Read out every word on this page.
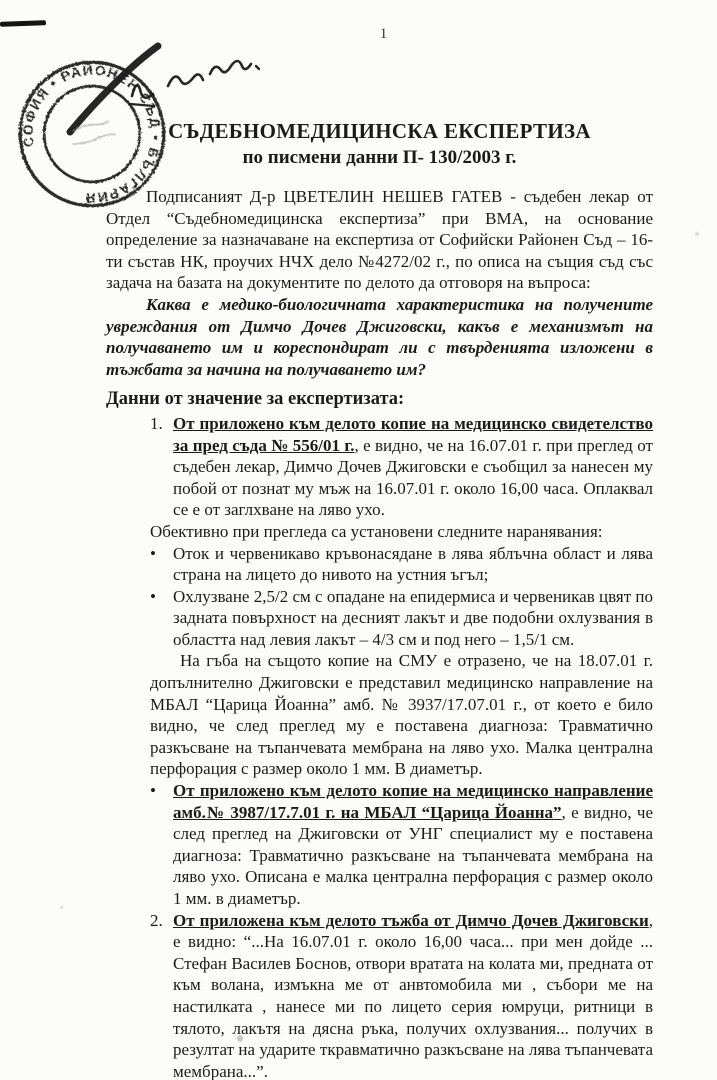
1
СОФИЯ • РАЙОНЕН СЪД • БЪЛГАРИЯ
СЪДЕБНОМЕДИЦИНСКА ЕКСПЕРТИЗА
по писмени данни П- 130/2003 г.

Подписаният Д-р ЦВЕТЕЛИН НЕШЕВ ГАТЕВ - съдебен лекар от Отдел “Съдебномедицинска експертиза” при ВМА, на основание определение за назначаване на експертиза от Софийски Районен Съд – 16-ти състав НК, проучих НЧХ дело №4272/02 г., по описа на същия съд със задача на базата на документите по делото да отговоря на въпроса:

Каква е медико-биологичната характеристика на получените увреждания от Димчо Дочев Джиговски, какъв е механизмът на получаването им и кореспондират ли с твърденията изложени в тъжбата за начина на получаването им?

Данни от значение за експертизата:
1. От приложено към делото копие на медицинско свидетелство за пред съда № 556/01 г., е видно, че на 16.07.01 г. при преглед от съдебен лекар, Димчо Дочев Джиговски е съобщил за нанесен му побой от познат му мъж на 16.07.01 г. около 16,00 часа. Оплаквал се е от заглхване на ляво ухо.

Обективно при прегледа са установени следните наранявания:

•	Оток и червеникаво кръвонасядане в лява яблъчна област и лява страна на лицето до нивото на устния ъгъл;
•	Охлузване 2,5/2 см с опадане на епидермиса и червеникав цвят по задната повърхност на десният лакът и две подобни охлузвания в областта над левия лакът – 4/3 см и под него – 1,5/1 см.

На гъба на същото копие на СМУ е отразено, че на 18.07.01 г. допълнително Джиговски е представил медицинско направление на МБАЛ “Царица Йоанна” амб. № 3937/17.07.01 г., от което е било видно, че след преглед му е поставена диагноза: Травматично разкъсване на тъпанчевата мембрана на ляво ухо. Малка централна перфорация с размер около 1 мм. В диаметър.

•	От приложено към делото копие на медицинско направление амб.№ 3987/17.7.01 г. на МБАЛ “Царица Йоанна”, е видно, че след преглед на Джиговски от УНГ специалист му е поставена диагноза: Травматично разкъсване на тъпанчевата мембрана на ляво ухо. Описана е малка централна перфорация с размер около 1 мм. в диаметър.
2. От приложена към делото тъжба от Димчо Дочев Джиговски, е видно: “...На 16.07.01 г. около 16,00 часа... при мен дойде ... Стефан Василев Боснов, отвори вратата на колата ми, предната от към волана, измъкна ме от анвтомобила ми , събори ме на настилката , нанесе ми по лицето серия юмруци, ритници в тялото, лакътя на дясна ръка, получих охлузвания... получих в резултат на ударите ткравматично разкъсване на лява тъпанчевата мембрана...”.
